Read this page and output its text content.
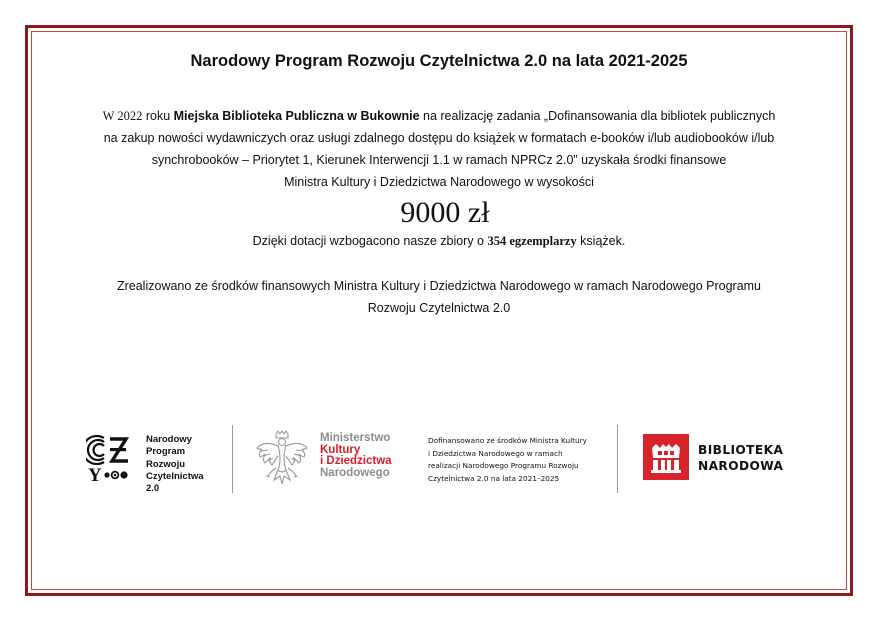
Narodowy Program Rozwoju Czytelnictwa 2.0 na lata 2021-2025
W 2022 roku Miejska Biblioteka Publiczna w Bukownie na realizację zadania „Dofinansowania dla bibliotek publicznych
na zakup nowości wydawniczych oraz usługi zdalnego dostępu do książek w formatach e-booków i/lub audiobooków i/lub
synchrobooków – Priorytet 1, Kierunek Interwencji 1.1 w ramach NPRCz 2.0” uzyskała środki finansowe
Ministra Kultury i Dziedzictwa Narodowego w wysokości
9000 zł
Dzięki dotacji wzbogacono nasze zbiory o 354 egzemplarzy książek.
Zrealizowano ze środków finansowych Ministra Kultury i Dziedzictwa Narodowego w ramach Narodowego Programu
Rozwoju Czytelnictwa 2.0
Y
Narodowy
Program
Rozwoju
Czytelnictwa
2.0
Ministerstwo
Kultury
i Dziedzictwa
Narodowego
Dofinansowano ze środków Ministra Kultury
i Dziedzictwa Narodowego w ramach
realizacji Narodowego Programu Rozwoju
Czytelnictwa 2.0 na lata 2021–2025
BIBLIOTEKA
NARODOWA
